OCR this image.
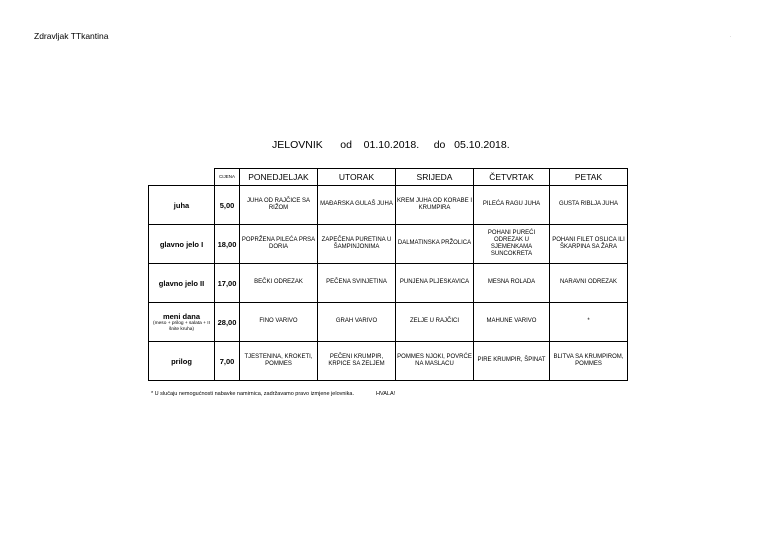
Zdravljak TTkantina	.
JELOVNIK od 01.10.2018. do 05.10.2018.
	CIJENA	PONEDJELJAK	UTORAK	SRIJEDA	ČETVRTAK	PETAK
juha	5,00	JUHA OD RAJČICE SA RIŽOM	MAĐARSKA GULAŠ JUHA	KREM JUHA OD KORABE I KRUMPIRA	PILEĆA RAGU JUHA	GUSTA RIBLJA JUHA
glavno jelo I	18,00	POPRŽENA PILEĆA PRSA DORIA	ZAPEČENA PURETINA U ŠAMPINJONIMA	DALMATINSKA PRŽOLICA	POHANI PUREĆI ODREZAK U SJEMENKAMA SUNCOKRETA	POHANI FILET OSLICA ILI ŠKARPINA SA ŽARA
glavno jelo II	17,00	BEČKI ODREZAK	PEČENA SVINJETINA	PUNJENA PLJESKAVICA	MESNA ROLADA	NARAVNI ODREZAK
meni dana
(meso + prilog + salata + II šnite kruha)	28,00	FINO VARIVO	GRAH VARIVO	ZELJE U RAJČICI	MAHUNE VARIVO	*
prilog	7,00	TJESTENINA, KROKETI, POMMES	PEČENI KRUMPIR, KRPICE SA ZELJEM	POMMES NJOKI, POVRĆE NA MASLACU	PIRE KRUMPIR, ŠPINAT	BLITVA SA KRUMPIROM, POMMES
* U slučaju nemogućnosti nabavke namirnica, zadržavamo pravo izmjene jelovnika.	HVALA!
